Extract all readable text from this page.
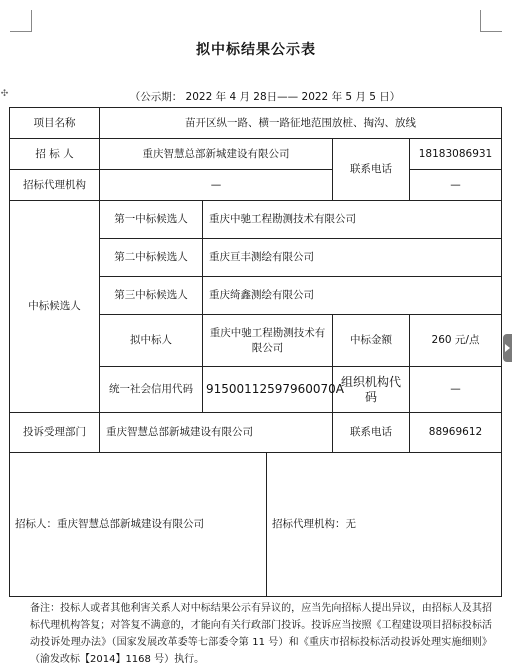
✣
拟中标结果公示表
（公示期： 2022 年 4 月 28日—— 2022 年 5 月 5 日）
项目名称	苗开区纵一路、横一路征地范围放桩、掏沟、放线
招 标 人	重庆智慧总部新城建设有限公司	联系电话	18183086931
招标代理机构	—	—
中标候选人	第一中标候选人	重庆中驰工程勘测技术有限公司
第二中标候选人	重庆亘丰测绘有限公司
第三中标候选人	重庆绮鑫测绘有限公司
拟中标人	重庆中驰工程勘测技术有限公司	中标金额	260 元/点
统一社会信用代码	91500112597960070A	组织机构代码	—
投诉受理部门	重庆智慧总部新城建设有限公司	联系电话	88969612

招标人：重庆智慧总部新城建设有限公司	招标代理机构：无
备注：投标人或者其他利害关系人对中标结果公示有异议的，应当先向招标人提出异议，由招标人及其招标代理机构答复；对答复不满意的，才能向有关行政部门投诉。投诉应当按照《工程建设项目招标投标活动投诉处理办法》（国家发展改革委等七部委令第 11 号）和《重庆市招标投标活动投诉处理实施细则》（渝发改标【2014】1168 号）执行。
